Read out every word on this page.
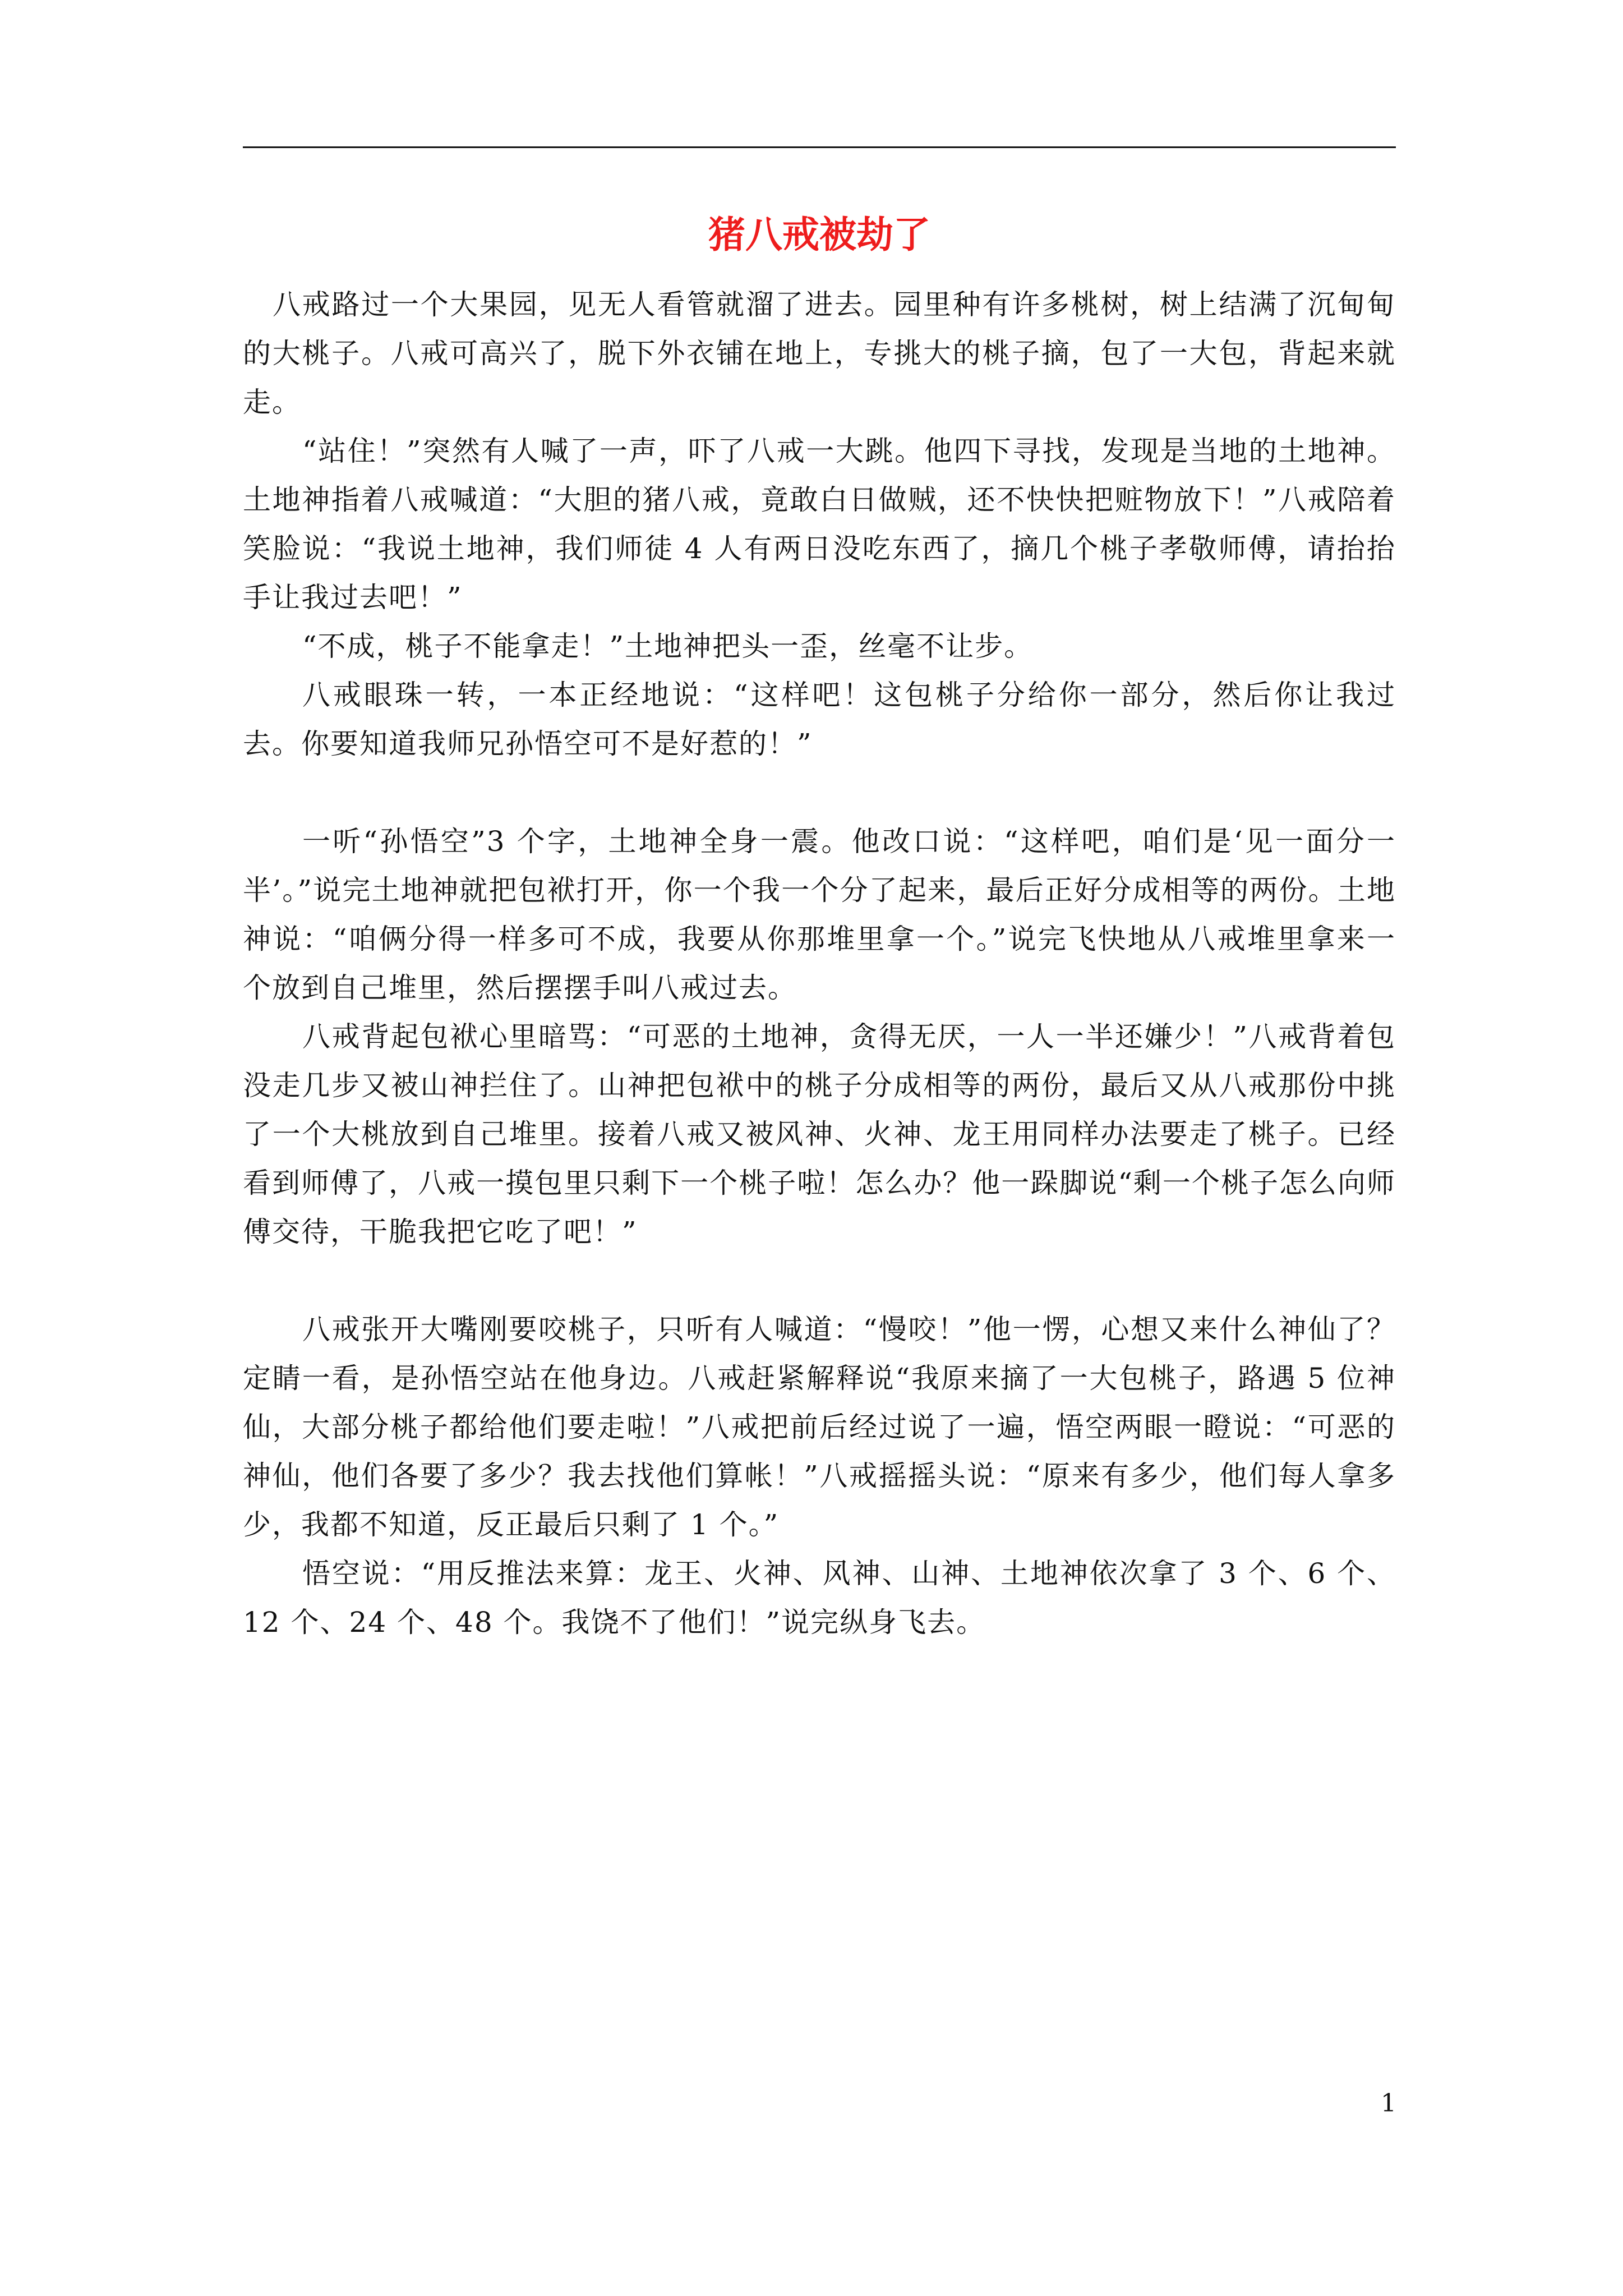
猪八戒被劫了

八戒路过一个大果园，见无人看管就溜了进去。园里种有许多桃树，树上结满了沉甸甸的大桃子。八戒可高兴了，脱下外衣铺在地上，专挑大的桃子摘，包了一大包，背起来就走。

“站住！”突然有人喊了一声，吓了八戒一大跳。他四下寻找，发现是当地的土地神。土地神指着八戒喊道：“大胆的猪八戒，竟敢白日做贼，还不快快把赃物放下！”八戒陪着笑脸说：“我说土地神，我们师徒 4 人有两日没吃东西了，摘几个桃子孝敬师傅，请抬抬手让我过去吧！”

“不成，桃子不能拿走！”土地神把头一歪，丝毫不让步。

八戒眼珠一转，一本正经地说：“这样吧！这包桃子分给你一部分，然后你让我过去。你要知道我师兄孙悟空可不是好惹的！”

一听“孙悟空”3 个字，土地神全身一震。他改口说：“这样吧，咱们是‘见一面分一半’。”说完土地神就把包袱打开，你一个我一个分了起来，最后正好分成相等的两份。土地神说：“咱俩分得一样多可不成，我要从你那堆里拿一个。”说完飞快地从八戒堆里拿来一个放到自己堆里，然后摆摆手叫八戒过去。

八戒背起包袱心里暗骂：“可恶的土地神，贪得无厌，一人一半还嫌少！”八戒背着包没走几步又被山神拦住了。山神把包袱中的桃子分成相等的两份，最后又从八戒那份中挑了一个大桃放到自己堆里。接着八戒又被风神、火神、龙王用同样办法要走了桃子。已经看到师傅了，八戒一摸包里只剩下一个桃子啦！怎么办？他一跺脚说“剩一个桃子怎么向师傅交待，干脆我把它吃了吧！”

八戒张开大嘴刚要咬桃子，只听有人喊道：“慢咬！”他一愣，心想又来什么神仙了？定睛一看，是孙悟空站在他身边。八戒赶紧解释说“我原来摘了一大包桃子，路遇 5 位神仙，大部分桃子都给他们要走啦！”八戒把前后经过说了一遍，悟空两眼一瞪说：“可恶的神仙，他们各要了多少？我去找他们算帐！”八戒摇摇头说：“原来有多少，他们每人拿多少，我都不知道，反正最后只剩了 1 个。”

悟空说：“用反推法来算：龙王、火神、风神、山神、土地神依次拿了 3 个、6 个、12 个、24 个、48 个。我饶不了他们！”说完纵身飞去。

1
